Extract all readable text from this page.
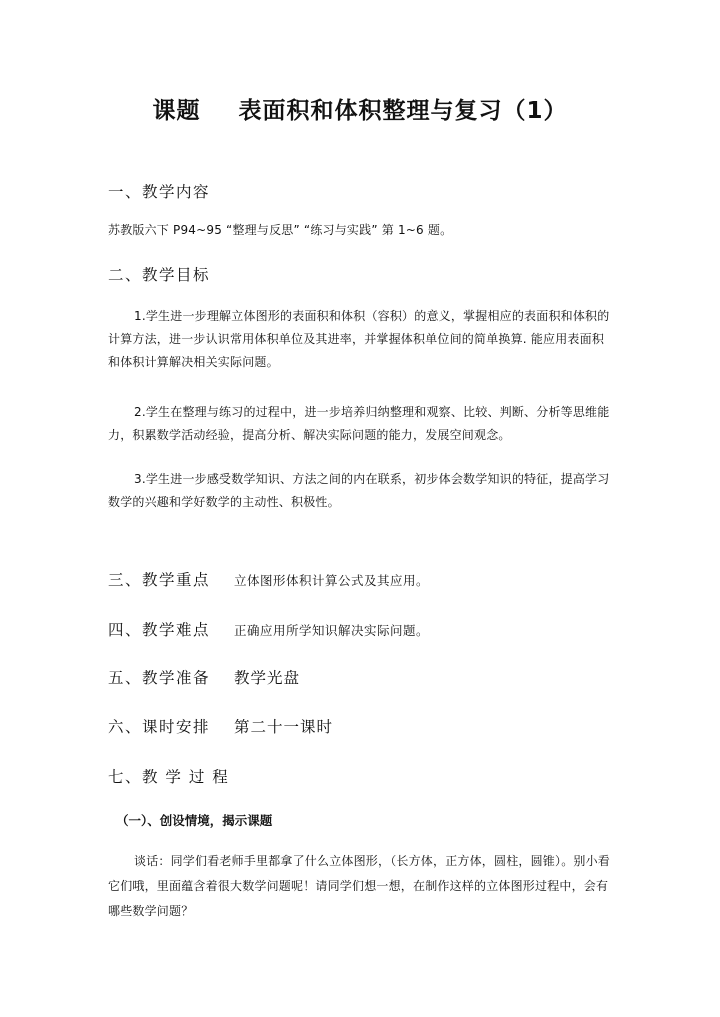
课题 表面积和体积整理与复习（1）
一、教学内容
苏教版六下 P94~95 “整理与反思” “练习与实践” 第 1~6 题。
二、教学目标
1.学生进一步理解立体图形的表面积和体积（容积）的意义，掌握相应的表面积和体积的计算方法，进一步认识常用体积单位及其进率，并掌握体积单位间的简单换算. 能应用表面积和体积计算解决相关实际问题。
2.学生在整理与练习的过程中，进一步培养归纳整理和观察、比较、判断、分析等思维能力，积累数学活动经验，提高分析、解决实际问题的能力，发展空间观念。
3.学生进一步感受数学知识、方法之间的内在联系，初步体会数学知识的特征，提高学习数学的兴趣和学好数学的主动性、积极性。
三、教学重点 立体图形体积计算公式及其应用。
四、教学难点 正确应用所学知识解决实际问题。
五、教学准备 教学光盘
六、课时安排 第二十一课时
七、教 学 过 程
（一）、创设情境，揭示课题
谈话：同学们看老师手里都拿了什么立体图形，（长方体，正方体，圆柱，圆锥）。别小看它们哦，里面蕴含着很大数学问题呢！请同学们想一想，在制作这样的立体图形过程中，会有哪些数学问题？
